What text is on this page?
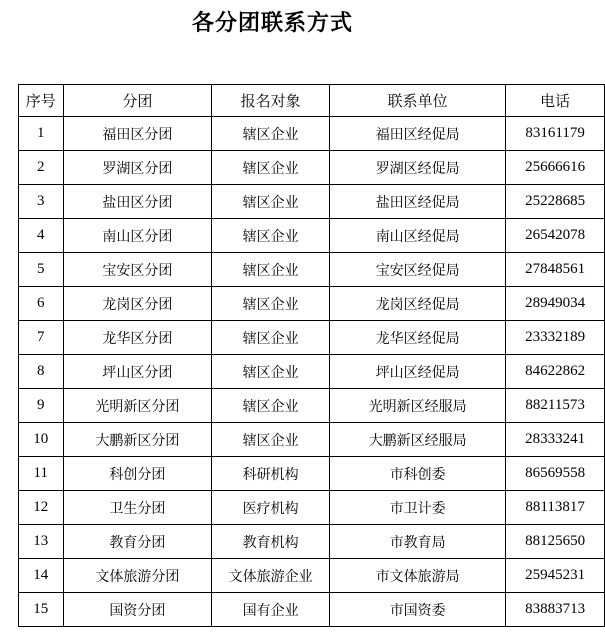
各分团联系方式
序号	分团	报名对象	联系单位	电话
1	福田区分团	辖区企业	福田区经促局	83161179
2	罗湖区分团	辖区企业	罗湖区经促局	25666616
3	盐田区分团	辖区企业	盐田区经促局	25228685
4	南山区分团	辖区企业	南山区经促局	26542078
5	宝安区分团	辖区企业	宝安区经促局	27848561
6	龙岗区分团	辖区企业	龙岗区经促局	28949034
7	龙华区分团	辖区企业	龙华区经促局	23332189
8	坪山区分团	辖区企业	坪山区经促局	84622862
9	光明新区分团	辖区企业	光明新区经服局	88211573
10	大鹏新区分团	辖区企业	大鹏新区经服局	28333241
11	科创分团	科研机构	市科创委	86569558
12	卫生分团	医疗机构	市卫计委	88113817
13	教育分团	教育机构	市教育局	88125650
14	文体旅游分团	文体旅游企业	市文体旅游局	25945231
15	国资分团	国有企业	市国资委	83883713
